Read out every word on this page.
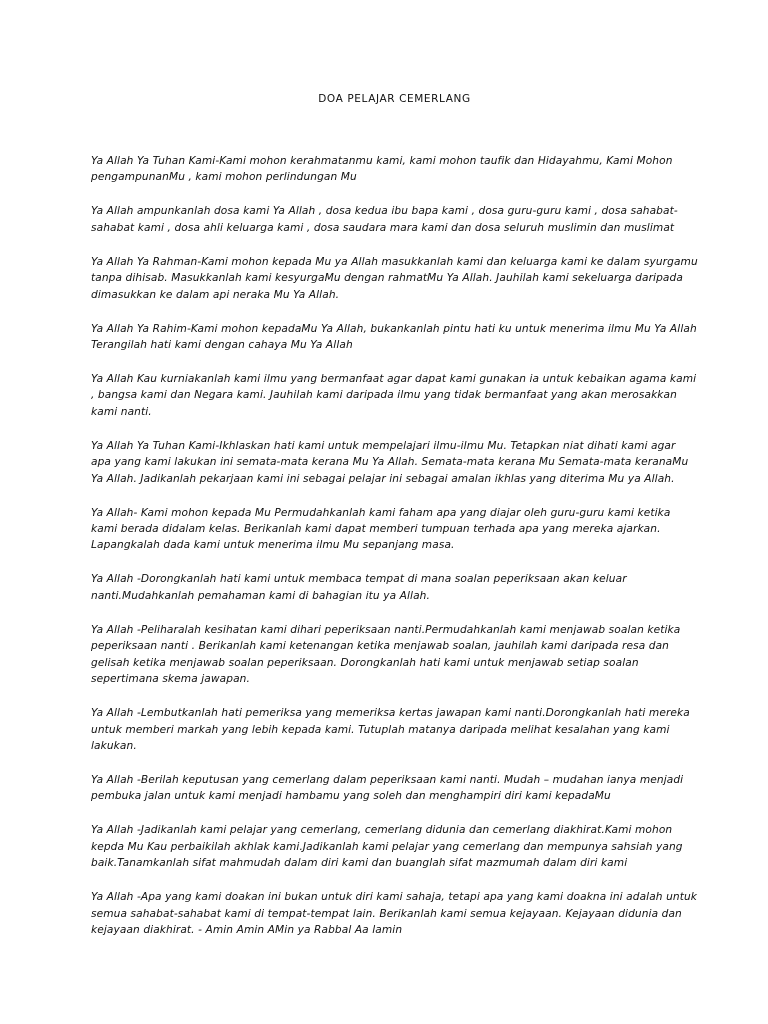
DOA PELAJAR CEMERLANG

Ya Allah Ya Tuhan Kami-Kami mohon kerahmatanmu kami, kami mohon taufik dan Hidayahmu, Kami Mohon pengampunanMu , kami mohon perlindungan Mu

Ya Allah ampunkanlah dosa kami Ya Allah , dosa kedua ibu bapa kami , dosa guru-guru kami , dosa sahabat-sahabat kami , dosa ahli keluarga kami , dosa saudara mara kami dan dosa seluruh muslimin dan muslimat

Ya Allah Ya Rahman-Kami mohon kepada Mu ya Allah masukkanlah kami dan keluarga kami ke dalam syurgamu tanpa dihisab. Masukkanlah kami kesyurgaMu dengan rahmatMu Ya Allah. Jauhilah kami sekeluarga daripada dimasukkan ke dalam api neraka Mu Ya Allah.

Ya Allah Ya Rahim-Kami mohon kepadaMu Ya Allah, bukankanlah pintu hati ku untuk menerima ilmu Mu Ya Allah Terangilah hati kami dengan cahaya Mu Ya Allah

Ya Allah Kau kurniakanlah kami ilmu yang bermanfaat agar dapat kami gunakan ia untuk kebaikan agama kami , bangsa kami dan Negara kami. Jauhilah kami daripada ilmu yang tidak bermanfaat yang akan merosakkan kami nanti.

Ya Allah Ya Tuhan Kami-Ikhlaskan hati kami untuk mempelajari ilmu-ilmu Mu. Tetapkan niat dihati kami agar apa yang kami lakukan ini semata-mata kerana Mu Ya Allah. Semata-mata kerana Mu Semata-mata keranaMu Ya Allah. Jadikanlah pekarjaan kami ini sebagai pelajar ini sebagai amalan ikhlas yang diterima Mu ya Allah.

Ya Allah- Kami mohon kepada Mu Permudahkanlah kami faham apa yang diajar oleh guru-guru kami ketika kami berada didalam kelas. Berikanlah kami dapat memberi tumpuan terhada apa yang mereka ajarkan. Lapangkalah dada kami untuk menerima ilmu Mu sepanjang masa.

Ya Allah -Dorongkanlah hati kami untuk membaca tempat di mana soalan peperiksaan akan keluar nanti.Mudahkanlah pemahaman kami di bahagian itu ya Allah.

Ya Allah -Peliharalah kesihatan kami dihari peperiksaan nanti.Permudahkanlah kami menjawab soalan ketika peperiksaan nanti . Berikanlah kami ketenangan ketika menjawab soalan, jauhilah kami daripada resa dan gelisah ketika menjawab soalan peperiksaan. Dorongkanlah hati kami untuk menjawab setiap soalan sepertimana skema jawapan.

Ya Allah -Lembutkanlah hati pemeriksa yang memeriksa kertas jawapan kami nanti.Dorongkanlah hati mereka untuk memberi markah yang lebih kepada kami. Tutuplah matanya daripada melihat kesalahan yang kami lakukan.

Ya Allah -Berilah keputusan yang cemerlang dalam peperiksaan kami nanti. Mudah – mudahan ianya menjadi pembuka jalan untuk kami menjadi hambamu yang soleh dan menghampiri diri kami kepadaMu

Ya Allah -Jadikanlah kami pelajar yang cemerlang, cemerlang didunia dan cemerlang diakhirat.Kami mohon kepda Mu Kau perbaikilah akhlak kami.Jadikanlah kami pelajar yang cemerlang dan mempunya sahsiah yang baik.Tanamkanlah sifat mahmudah dalam diri kami dan buanglah sifat mazmumah dalam diri kami

Ya Allah -Apa yang kami doakan ini bukan untuk diri kami sahaja, tetapi apa yang kami doakna ini adalah untuk semua sahabat-sahabat kami di tempat-tempat lain. Berikanlah kami semua kejayaan. Kejayaan didunia dan kejayaan diakhirat. - Amin Amin AMin ya Rabbal Aa lamin
